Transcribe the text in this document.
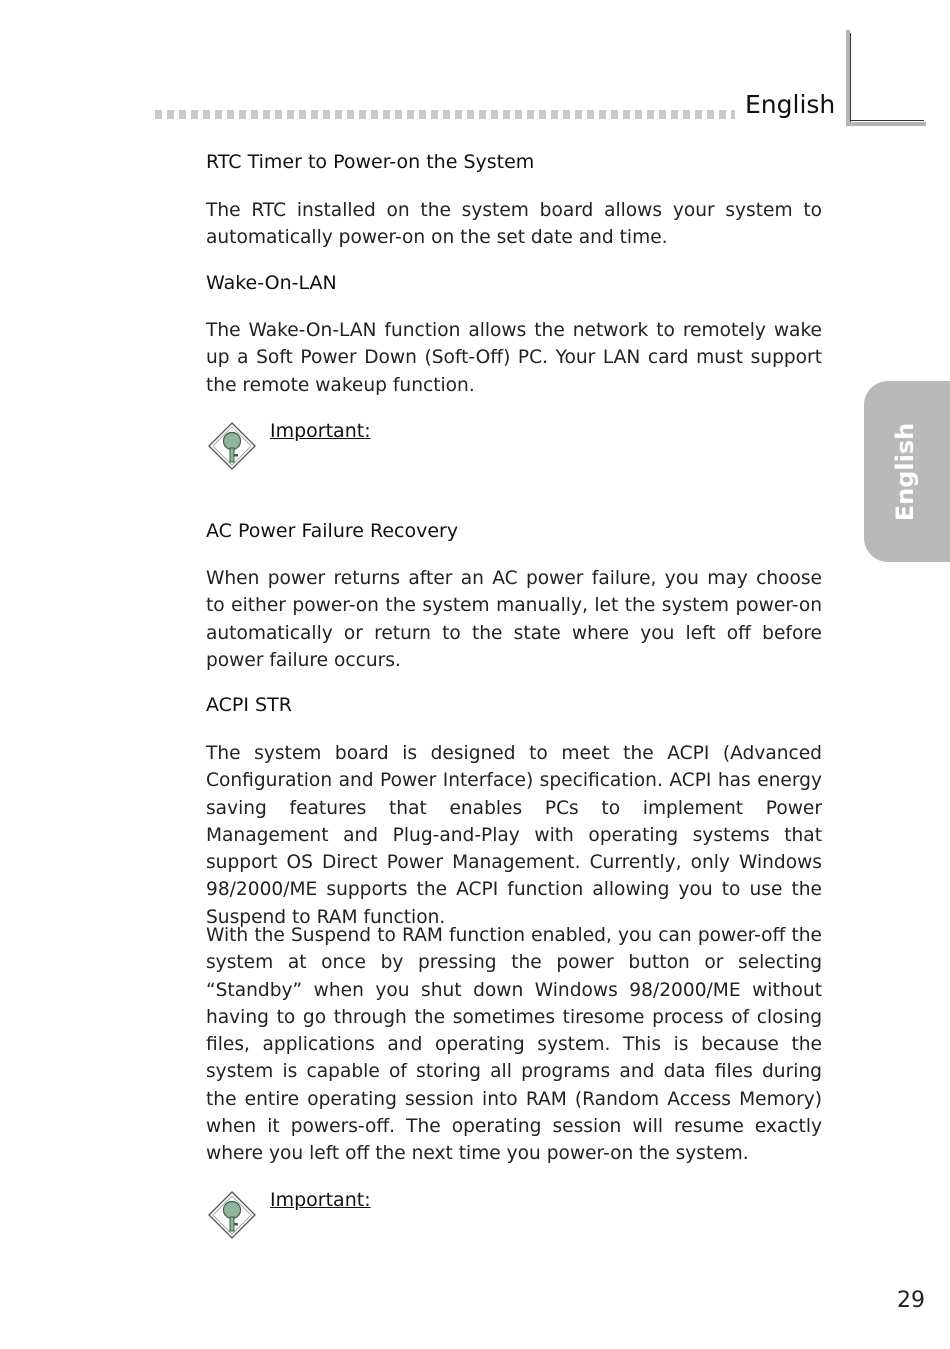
English
English
RTC Timer to Power-on the System

The RTC installed on the system board allows your system to automatically power-on on the set date and time.

Wake-On-LAN

The Wake-On-LAN function allows the network to remotely wake up a Soft Power Down (Soft-Off) PC. Your LAN card must support the remote wakeup function.

Important:
AC Power Failure Recovery

When power returns after an AC power failure, you may choose to either power-on the system manually, let the system power-on automatically or return to the state where you left off before power failure occurs.

ACPI STR

The system board is designed to meet the ACPI (Advanced Configuration and Power Interface) specification. ACPI has energy saving features that enables PCs to implement Power Management and Plug-and-Play with operating systems that support OS Direct Power Management. Currently, only Windows 98/2000/ME supports the ACPI function allowing you to use the Suspend to RAM function.

With the Suspend to RAM function enabled, you can power-off the system at once by pressing the power button or selecting “Standby” when you shut down Windows 98/2000/ME without having to go through the sometimes tiresome process of closing files, applications and operating system. This is because the system is capable of storing all programs and data files during the entire operating session into RAM (Random Access Memory) when it powers-off. The operating session will resume exactly where you left off the next time you power-on the system.

Important:
29
